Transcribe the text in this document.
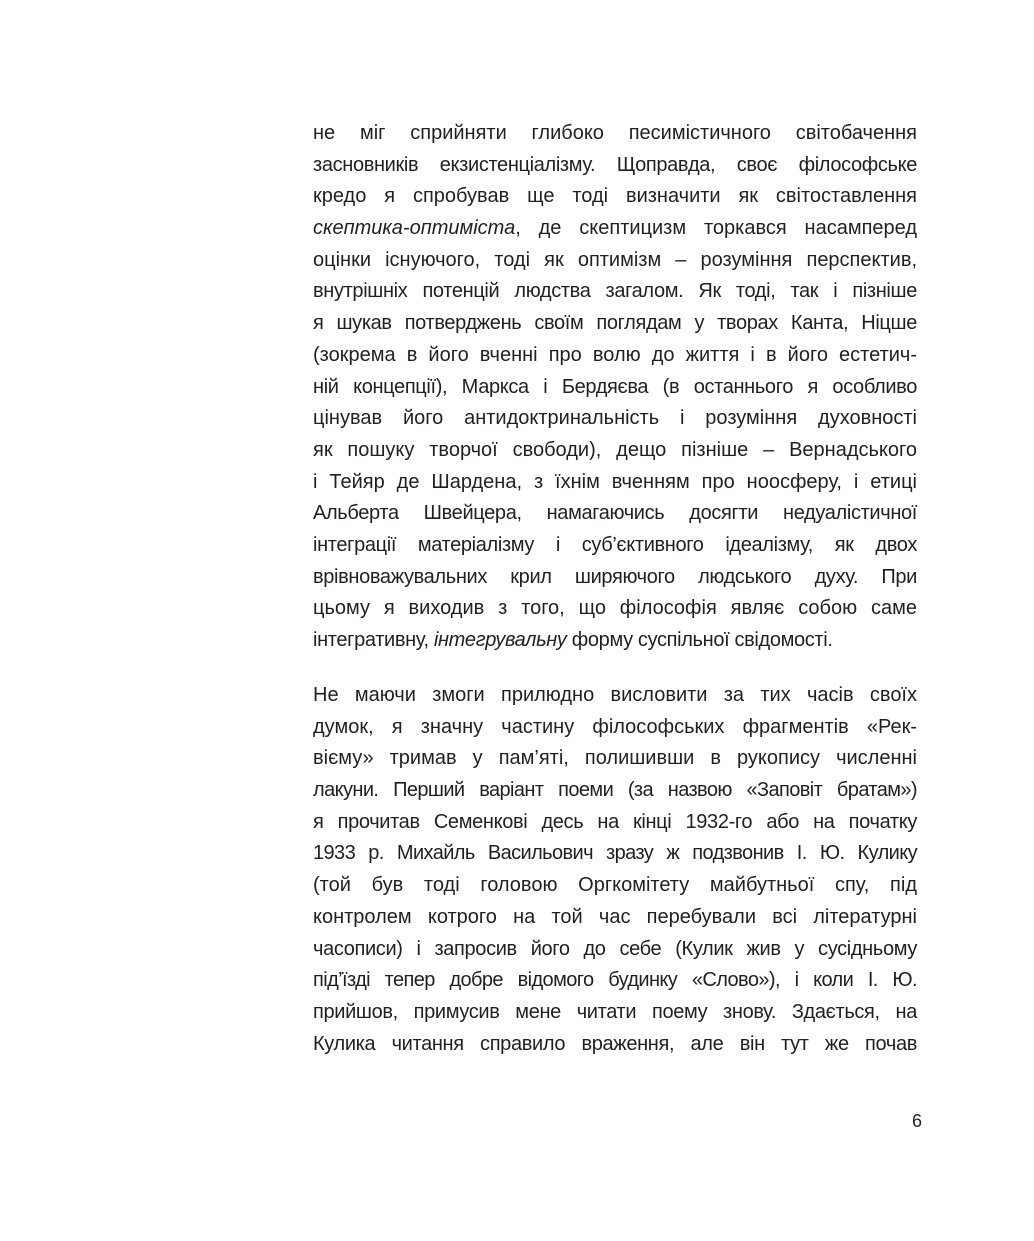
не міг сприйняти глибоко песимістичного світобачення
засновників екзистенціалізму. Щоправда, своє філософське
кредо я спробував ще тоді визначити як світоставлення
скептика-оптиміста, де скептицизм торкався насамперед
оцінки існуючого, тоді як оптимізм – розуміння перспектив,
внутрішніх потенцій людства загалом. Як тоді, так і пізніше
я шукав потверджень своїм поглядам у творах Канта, Ніцше
(зокрема в його вченні про волю до життя і в його естетич-
ній концепції), Маркса і Бердяєва (в останнього я особливо
цінував його антидоктринальність і розуміння духовності
як пошуку творчої свободи), дещо пізніше – Вернадського
і Тейяр де Шардена, з їхнім вченням про ноосферу, і етиці
Альберта Швейцера, намагаючись досягти недуалістичної
інтеграції матеріалізму і суб’єктивного ідеалізму, як двох
врівноважувальних крил ширяючого людського духу. При
цьому я виходив з того, що філософія являє собою саме
інтегративну, інтегрувальну форму суспільної свідомості.
Не маючи змоги прилюдно висловити за тих часів своїх
думок, я значну частину філософських фрагментів «Рек-
вієму» тримав у пам’яті, полишивши в рукопису численні
лакуни. Перший варіант поеми (за назвою «Заповіт братам»)
я прочитав Семенкові десь на кінці 1932-го або на початку
1933 р. Михайль Васильович зразу ж подзвонив І. Ю. Кулику
(той був тоді головою Оргкомітету майбутньої спу, під
контролем котрого на той час перебували всі літературні
часописи) і запросив його до себе (Кулик жив у сусідньому
під’їзді тепер добре відомого будинку «Слово»), і коли І. Ю.
прийшов, примусив мене читати поему знову. Здається, на
Кулика читання справило враження, але він тут же почав
6
